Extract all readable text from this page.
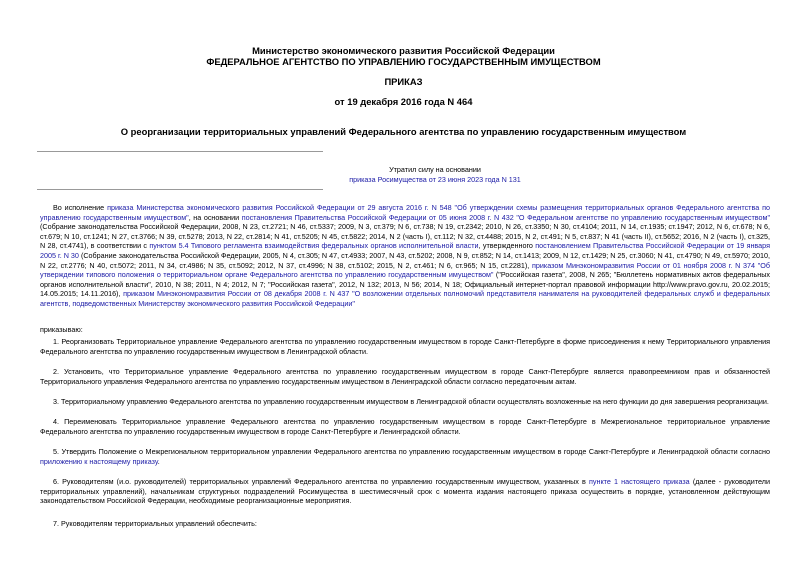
Министерство экономического развития Российской Федерации
ФЕДЕРАЛЬНОЕ АГЕНТСТВО ПО УПРАВЛЕНИЮ ГОСУДАРСТВЕННЫМ ИМУЩЕСТВОМ
ПРИКАЗ
от 19 декабря 2016 года N 464
О реорганизации территориальных управлений Федерального агентства по управлению государственным имуществом
Утратил силу на основании
приказа Росимущества от 23 июня 2023 года N 131
Во исполнение приказа Министерства экономического развития Российской Федерации от 29 августа 2016 г. N 548 "Об утверждении схемы размещения территориальных органов Федерального агентства по управлению государственным имуществом", на основании постановления Правительства Российской Федерации от 05 июня 2008 г. N 432 "О Федеральном агентстве по управлению государственным имуществом" (Собрание законодательства Российской Федерации, 2008, N 23, ст.2721; N 46, ст.5337; 2009, N 3, ст.379; N 6, ст.738; N 19, ст.2342; 2010, N 26, ст.3350; N 30, ст.4104; 2011, N 14, ст.1935; ст.1947; 2012, N 6, ст.678; N 6, ст.679; N 10, ст.1241; N 27, ст.3766; N 39, ст.5278; 2013, N 22, ст.2814; N 41, ст.5205; N 45, ст.5822; 2014, N 2 (часть I), ст.112; N 32, ст.4488; 2015, N 2, ст.491; N 5, ст.837; N 41 (часть II), ст.5652; 2016, N 2 (часть I), ст.325, N 28, ст.4741), в соответствии с пунктом 5.4 Типового регламента взаимодействия федеральных органов исполнительной власти, утвержденного постановлением Правительства Российской Федерации от 19 января 2005 г. N 30 (Собрание законодательства Российской Федерации, 2005, N 4, ст.305; N 47, ст.4933; 2007, N 43, ст.5202; 2008, N 9, ст.852; N 14, ст.1413; 2009, N 12, ст.1429; N 25, ст.3060; N 41, ст.4790; N 49, ст.5970; 2010, N 22, ст.2776; N 40, ст.5072; 2011, N 34, ст.4986; N 35, ст.5092; 2012, N 37, ст.4996; N 38, ст.5102; 2015, N 2, ст.461; N 6, ст.965; N 15, ст.2281), приказом Минэкономразвития России от 01 ноября 2008 г. N 374 "Об утверждении типового положения о территориальном органе Федерального агентства по управлению государственным имуществом" ("Российская газета", 2008, N 265; "Бюллетень нормативных актов федеральных органов исполнительной власти", 2010, N 38; 2011, N 4; 2012, N 7; "Российская газета", 2012, N 132; 2013, N 56; 2014, N 18; Официальный интернет-портал правовой информации http://www.pravo.gov.ru, 20.02.2015; 14.05.2015; 14.11.2016), приказом Минэкономразвития России от 08 декабря 2008 г. N 437 "О возложении отдельных полномочий представителя нанимателя на руководителей федеральных служб и федеральных агентств, подведомственных Министерству экономического развития Российской Федерации"
приказываю:
1. Реорганизовать Территориальное управление Федерального агентства по управлению государственным имуществом в городе Санкт-Петербурге в форме присоединения к нему Территориального управления Федерального агентства по управлению государственным имуществом в Ленинградской области.
2. Установить, что Территориальное управление Федерального агентства по управлению государственным имуществом в городе Санкт-Петербурге является правопреемником прав и обязанностей Территориального управления Федерального агентства по управлению государственным имуществом в Ленинградской области согласно передаточным актам.
3. Территориальному управлению Федерального агентства по управлению государственным имуществом в Ленинградской области осуществлять возложенные на него функции до дня завершения реорганизации.
4. Переименовать Территориальное управление Федерального агентства по управлению государственным имуществом в городе Санкт-Петербурге в Межрегиональное территориальное управление Федерального агентства по управлению государственным имуществом в городе Санкт-Петербурге и Ленинградской области.
5. Утвердить Положение о Межрегиональном территориальном управлении Федерального агентства по управлению государственным имуществом в городе Санкт-Петербурге и Ленинградской области согласно приложению к настоящему приказу.
6. Руководителям (и.о. руководителей) территориальных управлений Федерального агентства по управлению государственным имуществом, указанных в пункте 1 настоящего приказа (далее - руководители территориальных управлений), начальникам структурных подразделений Росимущества в шестимесячный срок с момента издания настоящего приказа осуществить в порядке, установленном действующим законодательством Российской Федерации, необходимые реорганизационные мероприятия.
7. Руководителям территориальных управлений обеспечить:
